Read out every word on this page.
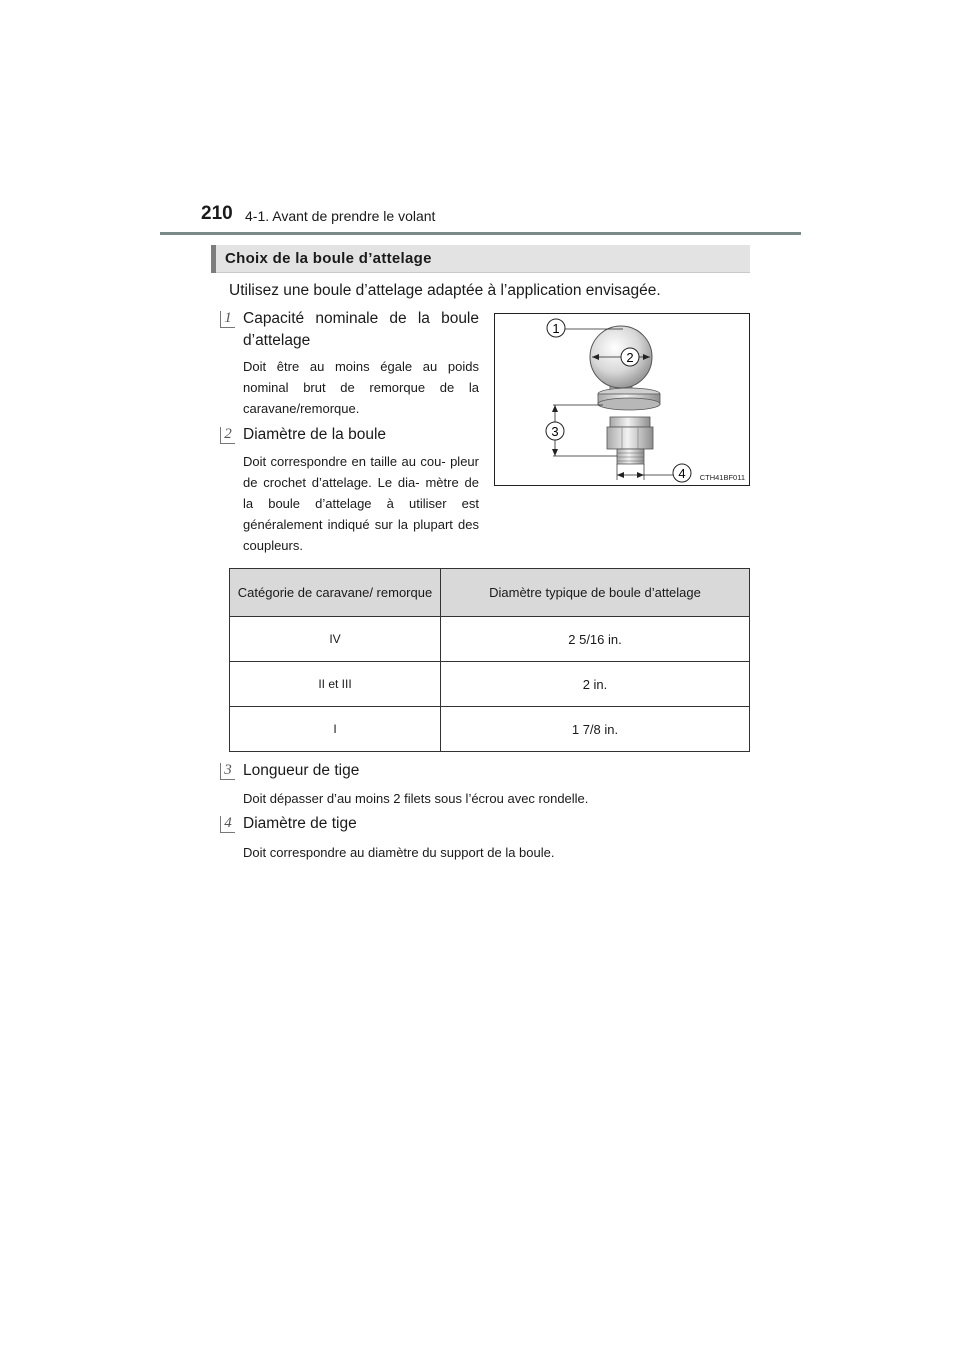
210 4-1. Avant de prendre le volant
Choix de la boule d’attelage
Utilisez une boule d’attelage adaptée à l’application envisagée.
1 Capacité nominale de la boule d’attelage
Doit être au moins égale au poids nominal brut de remorque de la caravane/remorque.
2 Diamètre de la boule
Doit correspondre en taille au cou- pleur de crochet d’attelage. Le dia- mètre de la boule d’attelage à utiliser est généralement indiqué sur la plupart des coupleurs.
1
2
3
4 CTH41BF011
Catégorie de caravane/ remorque	Diamètre typique de boule d’attelage
IV	2 5/16 in.
II et III	2 in.
I	1 7/8 in.
3 Longueur de tige
Doit dépasser d’au moins 2 filets sous l’écrou avec rondelle.
4 Diamètre de tige
Doit correspondre au diamètre du support de la boule.
